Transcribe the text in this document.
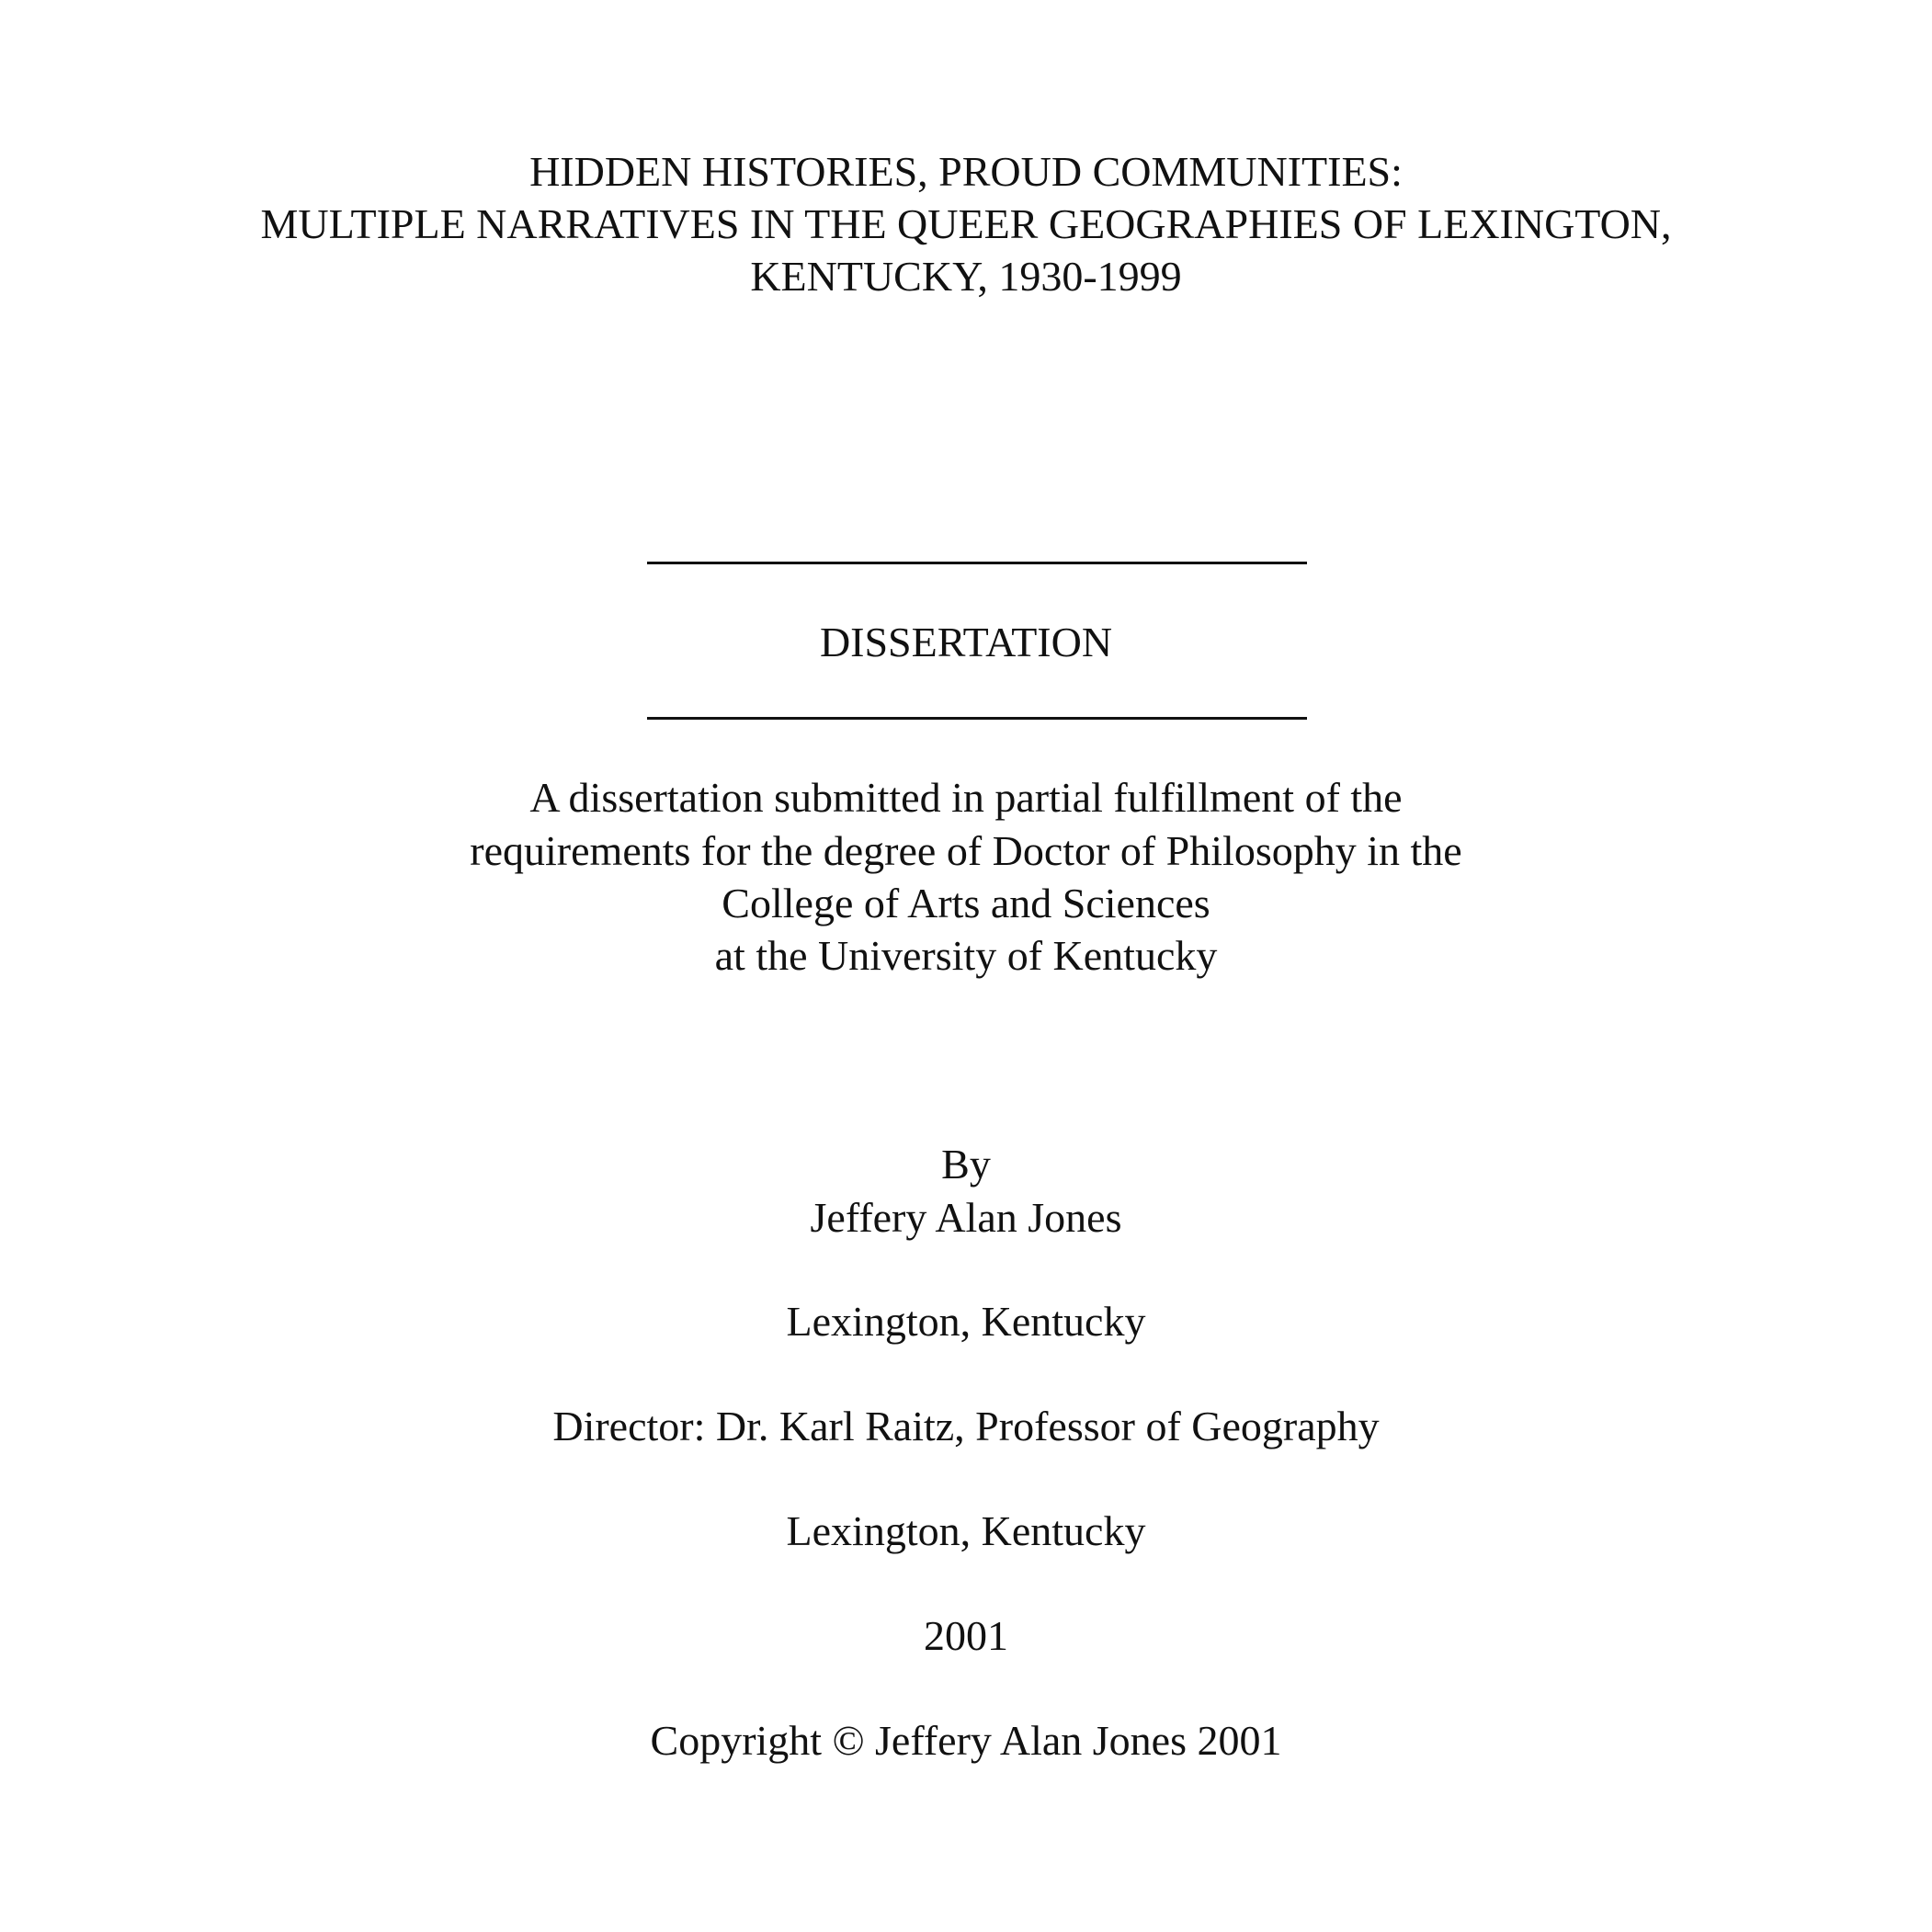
HIDDEN HISTORIES, PROUD COMMUNITIES:
MULTIPLE NARRATIVES IN THE QUEER GEOGRAPHIES OF LEXINGTON,
KENTUCKY, 1930-1999
DISSERTATION
A dissertation submitted in partial fulfillment of the
requirements for the degree of Doctor of Philosophy in the
College of Arts and Sciences
at the University of Kentucky
By
Jeffery Alan Jones
Lexington, Kentucky
Director: Dr. Karl Raitz, Professor of Geography
Lexington, Kentucky
2001
Copyright © Jeffery Alan Jones 2001
